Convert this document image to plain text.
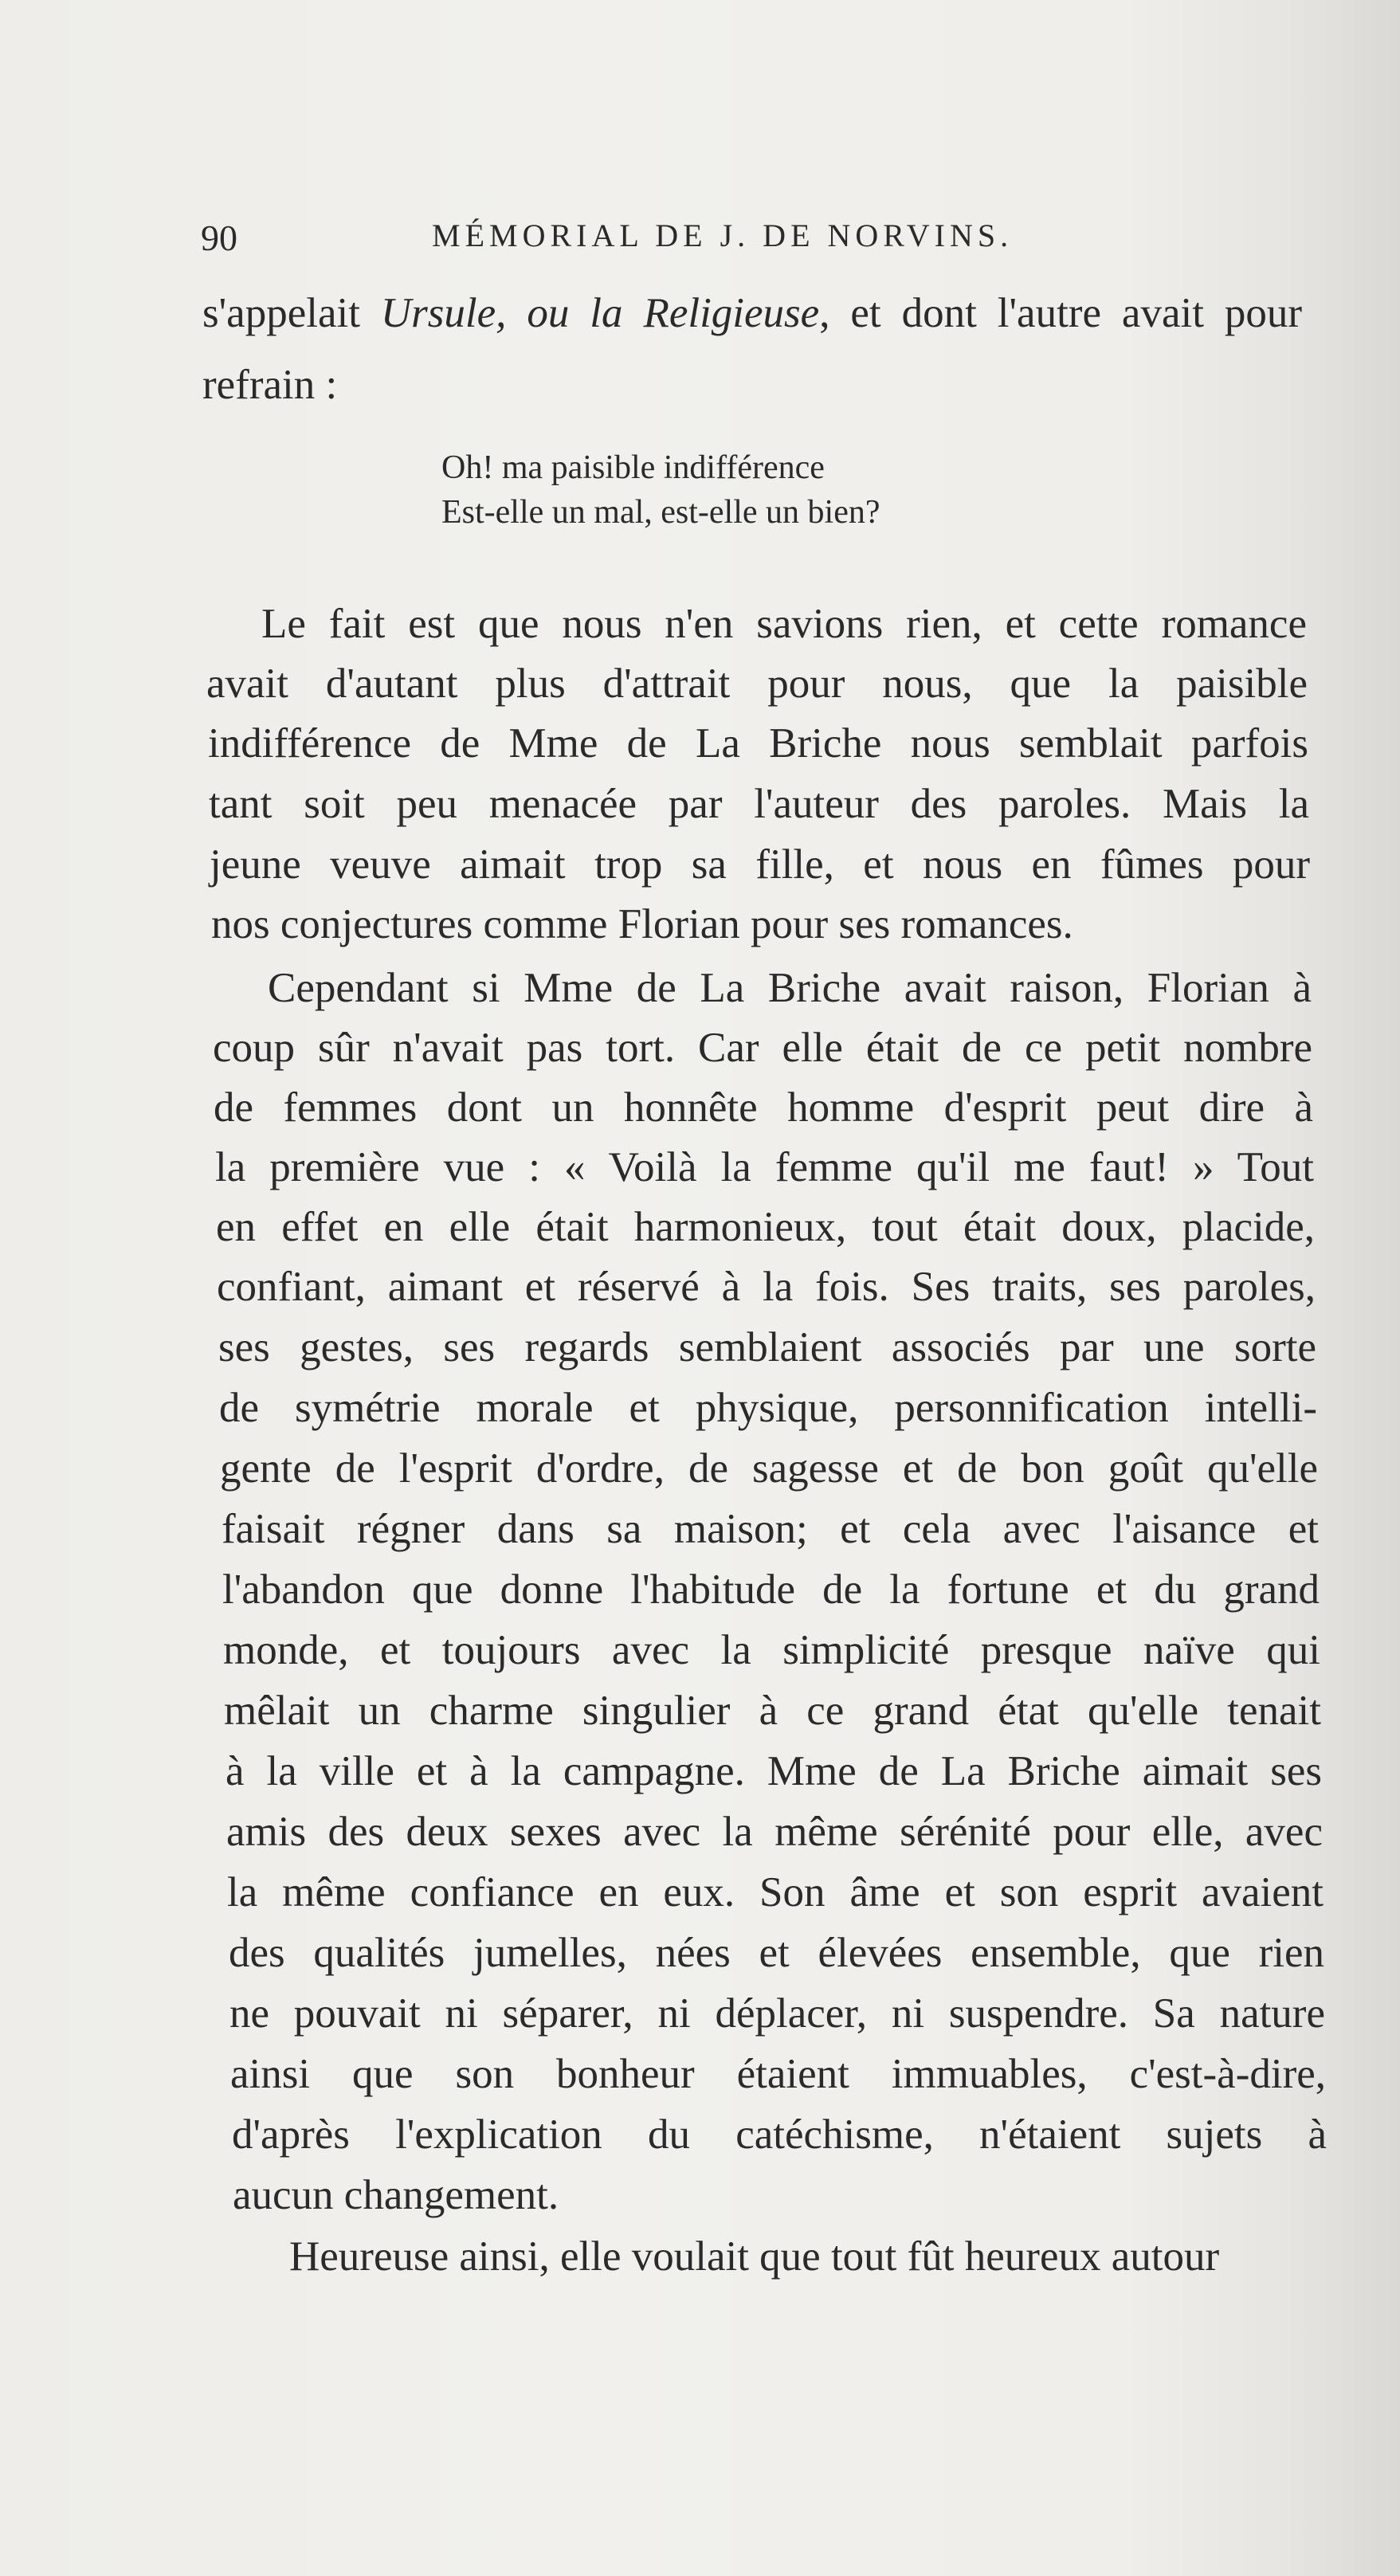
90	MÉMORIAL DE J. DE NORVINS.
s'appelait Ursule, ou la Religieuse, et dont l'autre avait pour
refrain :
Oh! ma paisible indifférence
Est-elle un mal, est-elle un bien?
Le fait est que nous n'en savions rien, et cette romance
avait d'autant plus d'attrait pour nous, que la paisible
indifférence de Mme de La Briche nous semblait parfois
tant soit peu menacée par l'auteur des paroles. Mais la
jeune veuve aimait trop sa fille, et nous en fûmes pour
nos conjectures comme Florian pour ses romances.
Cependant si Mme de La Briche avait raison, Florian à
coup sûr n'avait pas tort. Car elle était de ce petit nombre
de femmes dont un honnête homme d'esprit peut dire à
la première vue : « Voilà la femme qu'il me faut! » Tout
en effet en elle était harmonieux, tout était doux, placide,
confiant, aimant et réservé à la fois. Ses traits, ses paroles,
ses gestes, ses regards semblaient associés par une sorte
de symétrie morale et physique, personnification intelli-
gente de l'esprit d'ordre, de sagesse et de bon goût qu'elle
faisait régner dans sa maison; et cela avec l'aisance et
l'abandon que donne l'habitude de la fortune et du grand
monde, et toujours avec la simplicité presque naïve qui
mêlait un charme singulier à ce grand état qu'elle tenait
à la ville et à la campagne. Mme de La Briche aimait ses
amis des deux sexes avec la même sérénité pour elle, avec
la même confiance en eux. Son âme et son esprit avaient
des qualités jumelles, nées et élevées ensemble, que rien
ne pouvait ni séparer, ni déplacer, ni suspendre. Sa nature
ainsi que son bonheur étaient immuables, c'est-à-dire,
d'après l'explication du catéchisme, n'étaient sujets à
aucun changement.
Heureuse ainsi, elle voulait que tout fût heureux autour
